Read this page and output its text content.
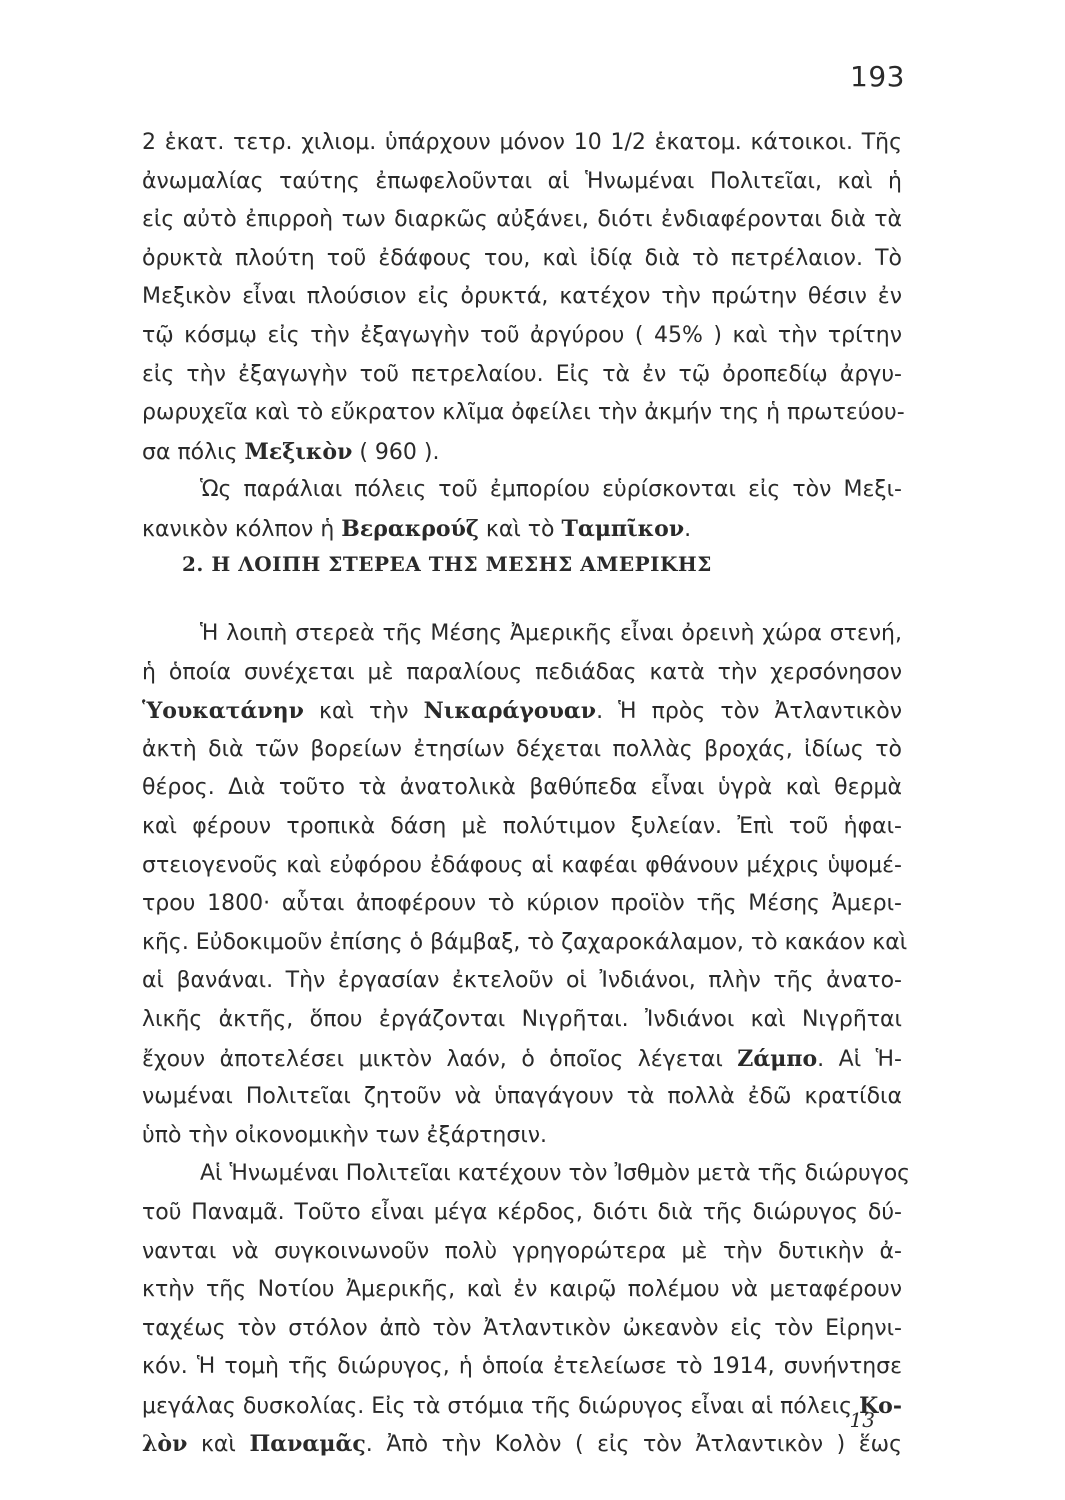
193
2 ἑκατ. τετρ. χιλιομ. ὑπάρχουν μόνον 10 1/2 ἑκατομ. κάτοικοι. Τῆς
ἀνωμαλίας ταύτης ἐπωφελοῦνται αἱ Ἡνωμέναι Πολιτεῖαι, καὶ ἡ
εἰς αὐτὸ ἐπιρροὴ των διαρκῶς αὐξάνει, διότι ἐνδιαφέρονται διὰ τὰ
ὀρυκτὰ πλούτη τοῦ ἐδάφους του, καὶ ἰδίᾳ διὰ τὸ πετρέλαιον. Τὸ
Μεξικὸν εἶναι πλούσιον εἰς ὀρυκτά, κατέχον τὴν πρώτην θέσιν ἐν
τῷ κόσμῳ εἰς τὴν ἐξαγωγὴν τοῦ ἀργύρου ( 45% ) καὶ τὴν τρίτην
εἰς τὴν ἐξαγωγὴν τοῦ πετρελαίου. Εἰς τὰ ἐν τῷ ὀροπεδίῳ ἀργυ-
ρωρυχεῖα καὶ τὸ εὔκρατον κλῖμα ὀφείλει τὴν ἀκμήν της ἡ πρωτεύου-
σα πόλις Μεξικὸν ( 960 ).
Ὡς παράλιαι πόλεις τοῦ ἐμπορίου εὑρίσκονται εἰς τὸν Μεξι-
κανικὸν κόλπον ἡ Βερακρούζ καὶ τὸ Ταμπῖκον.
2. Η ΛΟΙΠΗ ΣΤΕΡΕΑ ΤΗΣ ΜΕΣΗΣ ΑΜΕΡΙΚΗΣ
Ἡ λοιπὴ στερεὰ τῆς Μέσης Ἀμερικῆς εἶναι ὀρεινὴ χώρα στενή,
ἡ ὁποία συνέχεται μὲ παραλίους πεδιάδας κατὰ τὴν χερσόνησον
Ὑουκατάνην καὶ τὴν Νικαράγουαν. Ἡ πρὸς τὸν Ἀτλαντικὸν
ἀκτὴ διὰ τῶν βορείων ἐτησίων δέχεται πολλὰς βροχάς, ἰδίως τὸ
θέρος. Διὰ τοῦτο τὰ ἀνατολικὰ βαθύπεδα εἶναι ὑγρὰ καὶ θερμὰ
καὶ φέρουν τροπικὰ δάση μὲ πολύτιμον ξυλείαν. Ἐπὶ τοῦ ἡφαι-
στειογενοῦς καὶ εὐφόρου ἐδάφους αἱ καφέαι φθάνουν μέχρις ὑψομέ-
τρου 1800· αὗται ἀποφέρουν τὸ κύριον προϊὸν τῆς Μέσης Ἀμερι-
κῆς. Εὐδοκιμοῦν ἐπίσης ὁ βάμβαξ, τὸ ζαχαροκάλαμον, τὸ κακάον καὶ
αἱ βανάναι. Τὴν ἐργασίαν ἐκτελοῦν οἱ Ἰνδιάνοι, πλὴν τῆς ἀνατο-
λικῆς ἀκτῆς, ὅπου ἐργάζονται Νιγρῆται. Ἰνδιάνοι καὶ Νιγρῆται
ἔχουν ἀποτελέσει μικτὸν λαόν, ὁ ὁποῖος λέγεται Ζάμπο. Αἱ Ἡ-
νωμέναι Πολιτεῖαι ζητοῦν νὰ ὑπαγάγουν τὰ πολλὰ ἐδῶ κρατίδια
ὑπὸ τὴν οἰκονομικὴν των ἐξάρτησιν.
Αἱ Ἡνωμέναι Πολιτεῖαι κατέχουν τὸν Ἰσθμὸν μετὰ τῆς διώρυγος
τοῦ Παναμᾶ. Τοῦτο εἶναι μέγα κέρδος, διότι διὰ τῆς διώρυγος δύ-
νανται νὰ συγκοινωνοῦν πολὺ γρηγορώτερα μὲ τὴν δυτικὴν ἀ-
κτὴν τῆς Νοτίου Ἀμερικῆς, καὶ ἐν καιρῷ πολέμου νὰ μεταφέρουν
ταχέως τὸν στόλον ἀπὸ τὸν Ἀτλαντικὸν ὠκεανὸν εἰς τὸν Εἰρηνι-
κόν. Ἡ τομὴ τῆς διώρυγος, ἡ ὁποία ἐτελείωσε τὸ 1914, συνήντησε
μεγάλας δυσκολίας. Εἰς τὰ στόμια τῆς διώρυγος εἶναι αἱ πόλεις Κο-
λὸν καὶ Παναμᾶς. Ἀπὸ τὴν Κολὸν ( εἰς τὸν Ἀτλαντικὸν ) ἕως
13
